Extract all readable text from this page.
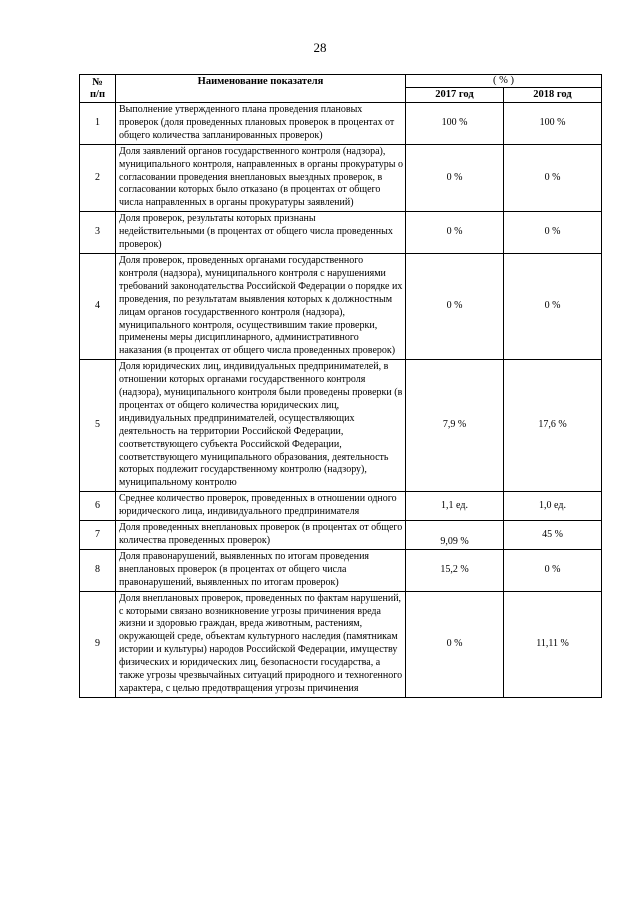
28
№
п/п	Наименование показателя	( % )	
		2017 год	2018 год
1	Выполнение утвержденного плана проведения плановых проверок (доля проведенных плановых проверок в процентах от общего количества запланированных проверок)	100 %	100 %
2	Доля заявлений органов государственного контроля (надзора), муниципального контроля, направленных в органы прокуратуры о согласовании проведения внеплановых выездных проверок, в согласовании которых было отказано (в процентах от общего числа направленных в органы прокуратуры заявлений)	0 %	0 %
3	Доля проверок, результаты которых признаны недействительными (в процентах от общего числа проведенных проверок)	0 %	0 %
4	Доля проверок, проведенных органами государственного контроля (надзора), муниципального контроля с нарушениями требований законодательства Российской Федерации о порядке их проведения, по результатам выявления которых к должностным лицам органов государственного контроля (надзора), муниципального контроля, осуществившим такие проверки, применены меры дисциплинарного, административного наказания (в процентах от общего числа проведенных проверок)	0 %	0 %
5	Доля юридических лиц, индивидуальных предпринимателей, в отношении которых органами государственного контроля (надзора), муниципального контроля были проведены проверки (в процентах от общего количества юридических лиц, индивидуальных предпринимателей, осуществляющих деятельность на территории Российской Федерации, соответствующего субъекта Российской Федерации, соответствующего муниципального образования, деятельность которых подлежит государственному контролю (надзору), муниципальному контролю	7,9 %	17,6 %
6	Среднее количество проверок, проведенных в отношении одного юридического лица, индивидуального предпринимателя	1,1 ед.	1,0 ед.
7	Доля проведенных внеплановых проверок (в процентах от общего количества проведенных проверок)	9,09 %	45 %
8	Доля правонарушений, выявленных по итогам проведения внеплановых проверок (в процентах от общего числа правонарушений, выявленных по итогам проверок)	15,2 %	0 %
9	Доля внеплановых проверок, проведенных по фактам нарушений, с которыми связано возникновение угрозы причинения вреда жизни и здоровью граждан, вреда животным, растениям, окружающей среде, объектам культурного наследия (памятникам истории и культуры) народов Российской Федерации, имуществу физических и юридических лиц, безопасности государства, а также угрозы чрезвычайных ситуаций природного и техногенного характера, с целью предотвращения угрозы причинения	0 %	11,11 %
